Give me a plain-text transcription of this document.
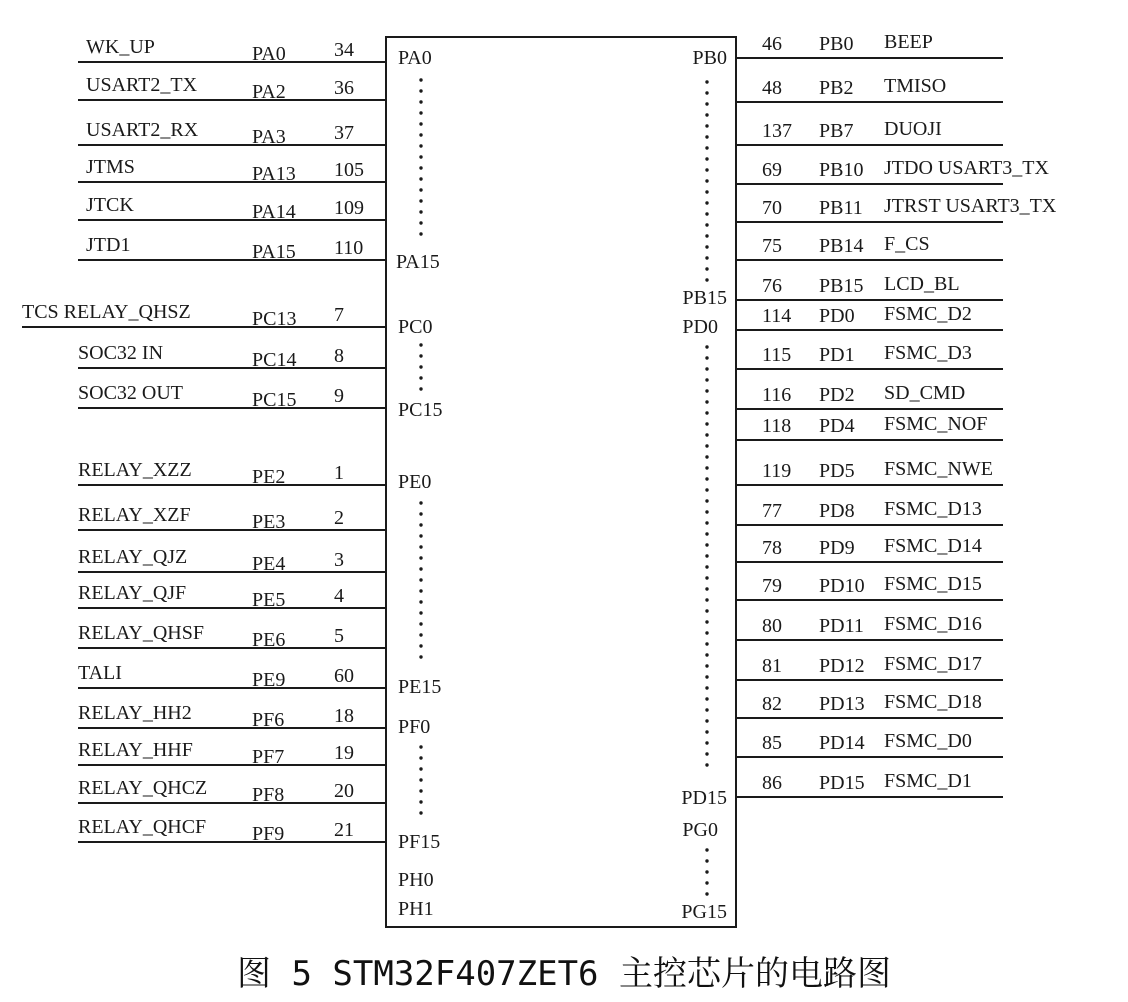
WK_UP	PA0 34
USART2_TX	PA2 36
USART2_RX	PA3 37
JTMS	PA13 105
JTCK	PA14 109
JTD1	PA15 110
TCS RELAY_QHSZ	PC13 7
SOC32 IN	PC14 8
SOC32 OUT	PC15 9
RELAY_XZZ	PE2 1
RELAY_XZF	PE3 2
RELAY_QJZ	PE4 3
RELAY_QJF	PE5 4
RELAY_QHSF PE6 5
TALI	PE9 60
RELAY_HH2	PF6 18
RELAY_HHF	PF7 19
RELAY_QHCZ PF8 20
RELAY_QHCF PF9 21
46 PB0 BEEP
48 PB2 TMISO
137 PB7 DUOJI
69 PB10 JTDO USART3_TX
70 PB11 JTRST USART3_TX
75 PB14 F_CS
76 PB15 LCD_BL
114 PD0 FSMC_D2
115 PD1 FSMC_D3
116 PD2 SD_CMD
118 PD4 FSMC_NOF
119 PD5 FSMC_NWE
77 PD8 FSMC_D13
78 PD9 FSMC_D14
79 PD10 FSMC_D15
80 PD11 FSMC_D16
81 PD12 FSMC_D17
82 PD13 FSMC_D18
85 PD14 FSMC_D0
86 PD15 FSMC_D1
PA0
PA15
PC0
PC15
PE0
PE15
PF0
PF15
PH0
PH1
PB0
PB15
PD0
PD15
PG0
PG15
图 5 STM32F407ZET6 主控芯片的电路图
